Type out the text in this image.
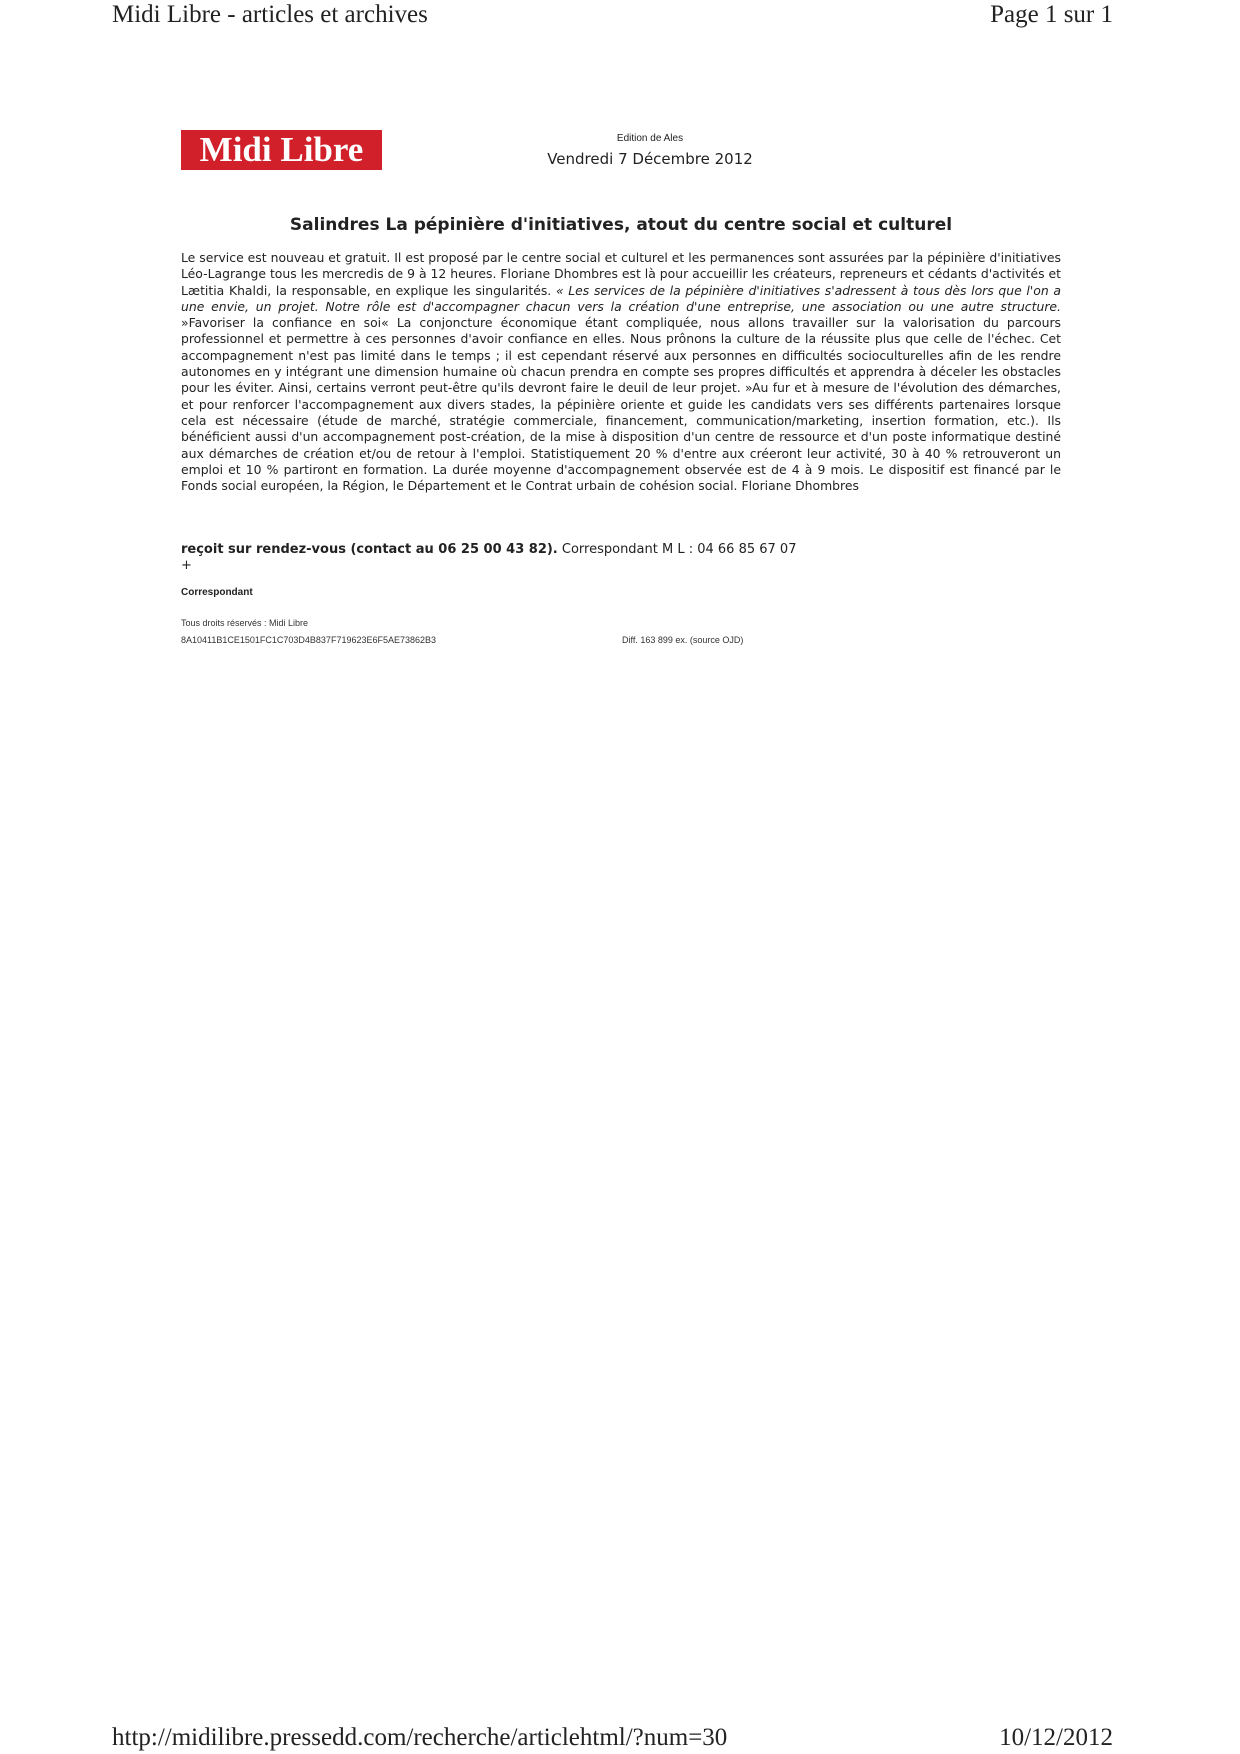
Midi Libre - articles et archives	Page 1 sur 1
Midi Libre	Edition de Ales
Vendredi 7 Décembre 2012
Salindres La pépinière d'initiatives, atout du centre social et culturel
Le service est nouveau et gratuit. Il est proposé par le centre social et culturel et les permanences sont assurées par la pépinière d'initiatives Léo-Lagrange tous les mercredis de 9 à 12 heures. Floriane Dhombres est là pour accueillir les créateurs, repreneurs et cédants d'activités et Lætitia Khaldi, la responsable, en explique les singularités. « Les services de la pépinière d'initiatives s'adressent à tous dès lors que l'on a une envie, un projet. Notre rôle est d'accompagner chacun vers la création d'une entreprise, une association ou une autre structure. »Favoriser la confiance en soi« La conjoncture économique étant compliquée, nous allons travailler sur la valorisation du parcours professionnel et permettre à ces personnes d'avoir confiance en elles. Nous prônons la culture de la réussite plus que celle de l'échec. Cet accompagnement n'est pas limité dans le temps ; il est cependant réservé aux personnes en difficultés socioculturelles afin de les rendre autonomes en y intégrant une dimension humaine où chacun prendra en compte ses propres difficultés et apprendra à déceler les obstacles pour les éviter. Ainsi, certains verront peut-être qu'ils devront faire le deuil de leur projet. »Au fur et à mesure de l'évolution des démarches, et pour renforcer l'accompagnement aux divers stades, la pépinière oriente et guide les candidats vers ses différents partenaires lorsque cela est nécessaire (étude de marché, stratégie commerciale, financement, communication/marketing, insertion formation, etc.). Ils bénéficient aussi d'un accompagnement post-création, de la mise à disposition d'un centre de ressource et d'un poste informatique destiné aux démarches de création et/ou de retour à l'emploi. Statistiquement 20 % d'entre aux créeront leur activité, 30 à 40 % retrouveront un emploi et 10 % partiront en formation. La durée moyenne d'accompagnement observée est de 4 à 9 mois. Le dispositif est financé par le Fonds social européen, la Région, le Département et le Contrat urbain de cohésion social. Floriane Dhombres
reçoit sur rendez-vous (contact au 06 25 00 43 82). Correspondant M L : 04 66 85 67 07
+
Correspondant
Tous droits réservés : Midi Libre
8A10411B1CE1501FC1C703D4B837F719623E6F5AE73862B3	Diff. 163 899 ex. (source OJD)
http://midilibre.pressedd.com/recherche/articlehtml/?num=30	10/12/2012
